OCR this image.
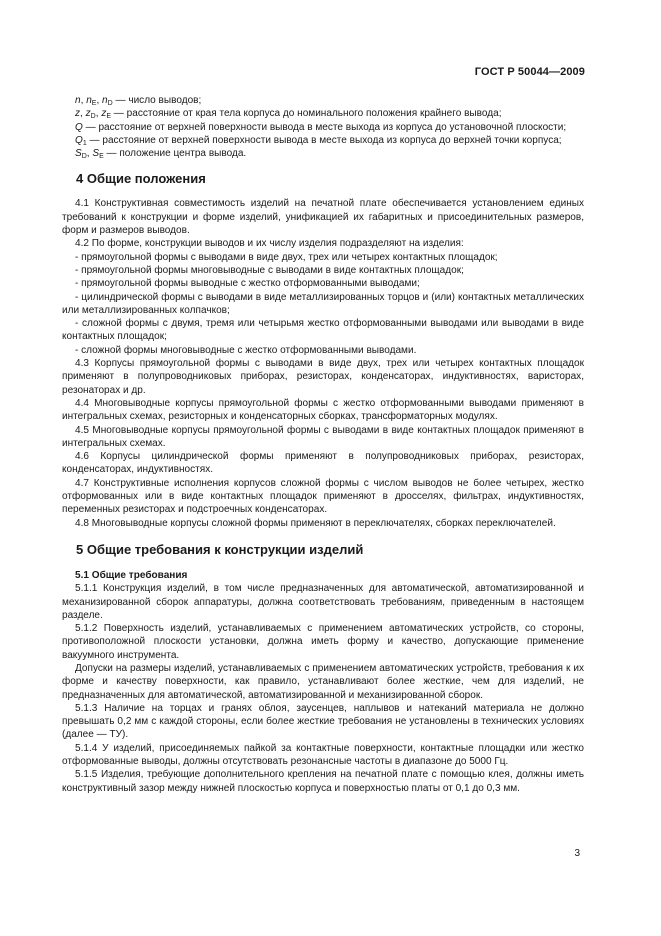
ГОСТ Р 50044—2009

n, $n_E$, $n_D$ — число выводов;

z, $z_D$, $z_E$ — расстояние от края тела корпуса до номинального положения крайнего вывода;

Q — расстояние от верхней поверхности вывода в месте выхода из корпуса до установочной плоскости;

$Q_1$ — расстояние от верхней поверхности вывода в месте выхода из корпуса до верхней точки корпуса;

$S_D$, $S_E$ — положение центра вывода.

4 Общие положения

4.1 Конструктивная совместимость изделий на печатной плате обеспечивается установлением единых требований к конструкции и форме изделий, унификацией их габаритных и присоединительных размеров, форм и размеров выводов.

4.2 По форме, конструкции выводов и их числу изделия подразделяют на изделия:

- прямоугольной формы с выводами в виде двух, трех или четырех контактных площадок;

- прямоугольной формы многовыводные с выводами в виде контактных площадок;

- прямоугольной формы выводные с жестко отформованными выводами;

- цилиндрической формы с выводами в виде металлизированных торцов и (или) контактных металлических или металлизированных колпачков;

- сложной формы с двумя, тремя или четырьмя жестко отформованными выводами или выводами в виде контактных площадок;

- сложной формы многовыводные с жестко отформованными выводами.

4.3 Корпусы прямоугольной формы с выводами в виде двух, трех или четырех контактных площадок применяют в полупроводниковых приборах, резисторах, конденсаторах, индуктивностях, варисторах, резонаторах и др.

4.4 Многовыводные корпусы прямоугольной формы с жестко отформованными выводами применяют в интегральных схемах, резисторных и конденсаторных сборках, трансформаторных модулях.

4.5 Многовыводные корпусы прямоугольной формы с выводами в виде контактных площадок применяют в интегральных схемах.

4.6 Корпусы цилиндрической формы применяют в полупроводниковых приборах, резисторах, конденсаторах, индуктивностях.

4.7 Конструктивные исполнения корпусов сложной формы с числом выводов не более четырех, жестко отформованных или в виде контактных площадок применяют в дросселях, фильтрах, индуктивностях, переменных резисторах и подстроечных конденсаторах.

4.8 Многовыводные корпусы сложной формы применяют в переключателях, сборках переключателей.

5 Общие требования к конструкции изделий

5.1 Общие требования

5.1.1 Конструкция изделий, в том числе предназначенных для автоматической, автоматизированной и механизированной сборок аппаратуры, должна соответствовать требованиям, приведенным в настоящем разделе.

5.1.2 Поверхность изделий, устанавливаемых с применением автоматических устройств, со стороны, противоположной плоскости установки, должна иметь форму и качество, допускающие применение вакуумного инструмента.

Допуски на размеры изделий, устанавливаемых с применением автоматических устройств, требования к их форме и качеству поверхности, как правило, устанавливают более жесткие, чем для изделий, не предназначенных для автоматической, автоматизированной и механизированной сборок.

5.1.3 Наличие на торцах и гранях облоя, заусенцев, наплывов и натеканий материала не должно превышать 0,2 мм с каждой стороны, если более жесткие требования не установлены в технических условиях (далее — ТУ).

5.1.4 У изделий, присоединяемых пайкой за контактные поверхности, контактные площадки или жестко отформованные выводы, должны отсутствовать резонансные частоты в диапазоне до 5000 Гц.

5.1.5 Изделия, требующие дополнительного крепления на печатной плате с помощью клея, должны иметь конструктивный зазор между нижней плоскостью корпуса и поверхностью платы от 0,1 до 0,3 мм.

3
